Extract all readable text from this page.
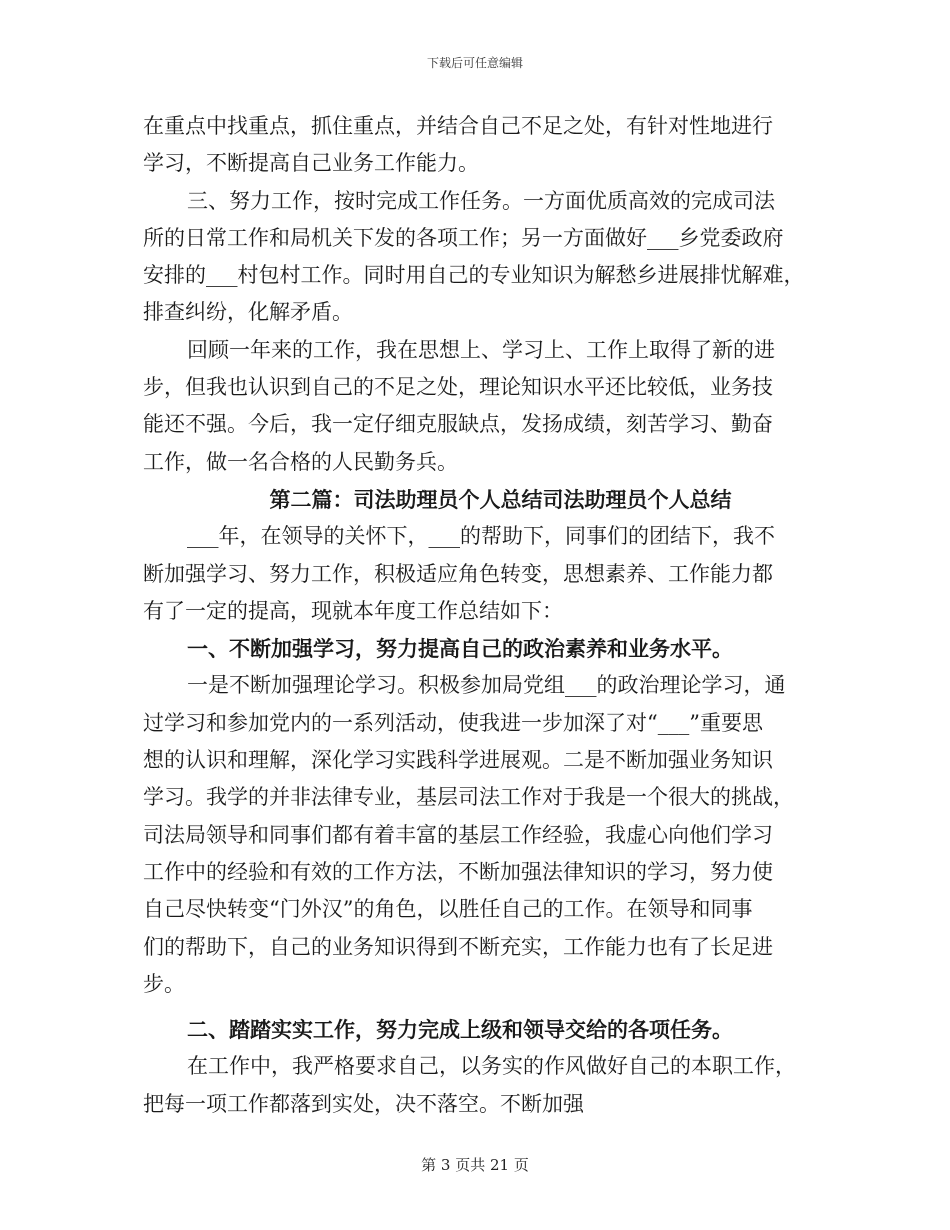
下载后可任意编辑
在重点中找重点，抓住重点，并结合自己不足之处，有针对性地进行
学习，不断提高自己业务工作能力。
三、努力工作，按时完成工作任务。一方面优质高效的完成司法
所的日常工作和局机关下发的各项工作；另一方面做好___乡党委政府
安排的___村包村工作。同时用自己的专业知识为解愁乡进展排忧解难，
排查纠纷，化解矛盾。
回顾一年来的工作，我在思想上、学习上、工作上取得了新的进
步，但我也认识到自己的不足之处，理论知识水平还比较低，业务技
能还不强。今后，我一定仔细克服缺点，发扬成绩，刻苦学习、勤奋
工作，做一名合格的人民勤务兵。
第二篇：司法助理员个人总结司法助理员个人总结
___年，在领导的关怀下，___的帮助下，同事们的团结下，我不
断加强学习、努力工作，积极适应角色转变，思想素养、工作能力都
有了一定的提高，现就本年度工作总结如下：
一、不断加强学习，努力提高自己的政治素养和业务水平。
一是不断加强理论学习。积极参加局党组___的政治理论学习，通
过学习和参加党内的一系列活动，使我进一步加深了对“___”重要思
想的认识和理解，深化学习实践科学进展观。二是不断加强业务知识
学习。我学的并非法律专业，基层司法工作对于我是一个很大的挑战，
司法局领导和同事们都有着丰富的基层工作经验，我虚心向他们学习
工作中的经验和有效的工作方法，不断加强法律知识的学习，努力使
自己尽快转变“门外汉”的角色，以胜任自己的工作。在领导和同事
们的帮助下，自己的业务知识得到不断充实，工作能力也有了长足进
步。
二、踏踏实实工作，努力完成上级和领导交给的各项任务。
在工作中，我严格要求自己，以务实的作风做好自己的本职工作，
把每一项工作都落到实处，决不落空。不断加强
第 3 页共 21 页
